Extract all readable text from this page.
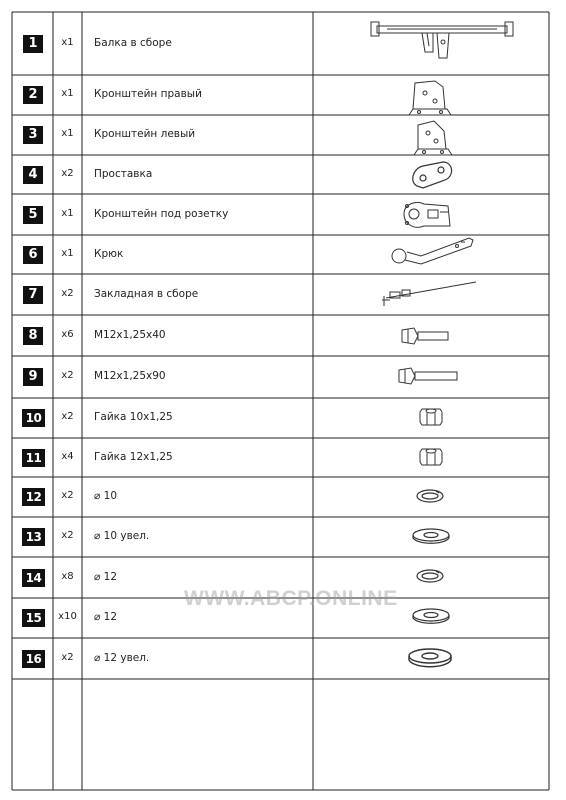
1	x1	Балка в сборе
2	x1	Кронштейн правый
3	x1	Кронштейн левый
4	x2	Проставка
5	x1	Кронштейн под розетку
6	x1	Крюк
7	x2	Закладная в сборе
8	x6	М12х1,25х40
9	x2	М12х1,25х90
10	x2	Гайка 10х1,25
11	x4	Гайка 12х1,25
12	x2	⌀ 10
13	x2	⌀ 10 увел.
14	x8	⌀ 12
15	x10	⌀ 12
16	x2	⌀ 12 увел.
WWW.ABCP.ONLINE
